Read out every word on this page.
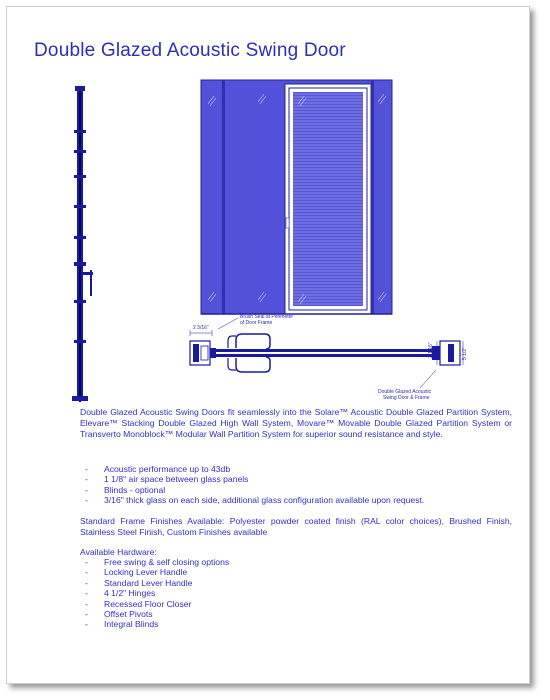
Double Glazed Acoustic Swing Door
2 3/16"
Brush Seal at Perimeter
of Door Frame
2 1/16"	5 1/2"
Double Glazed Acoustic
Swing Door & Frame
Double Glazed Acoustic Swing Doors fit seamlessly into the Solare™ Acoustic Double Glazed Partition System, Elevare™ Stacking Double Glazed High Wall System, Movare™ Movable Double Glazed Partition System or Transverto Monoblock™ Modular Wall Partition System for superior sound resistance and style.
- Acoustic performance up to 43db
- 1 1/8" air space between glass panels
- Blinds - optional
- 3/16" thick glass on each side, additional glass configuration available upon request.
Standard Frame Finishes Available: Polyester powder coated finish (RAL color choices), Brushed Finish, Stainless Steel Finish, Custom Finishes available
Available Hardware:
- Free swing & self closing options
- Locking Lever Handle
- Standard Lever Handle
- 4 1/2" Hinges
- Recessed Floor Closer
- Offset Pivots
- Integral Blinds
